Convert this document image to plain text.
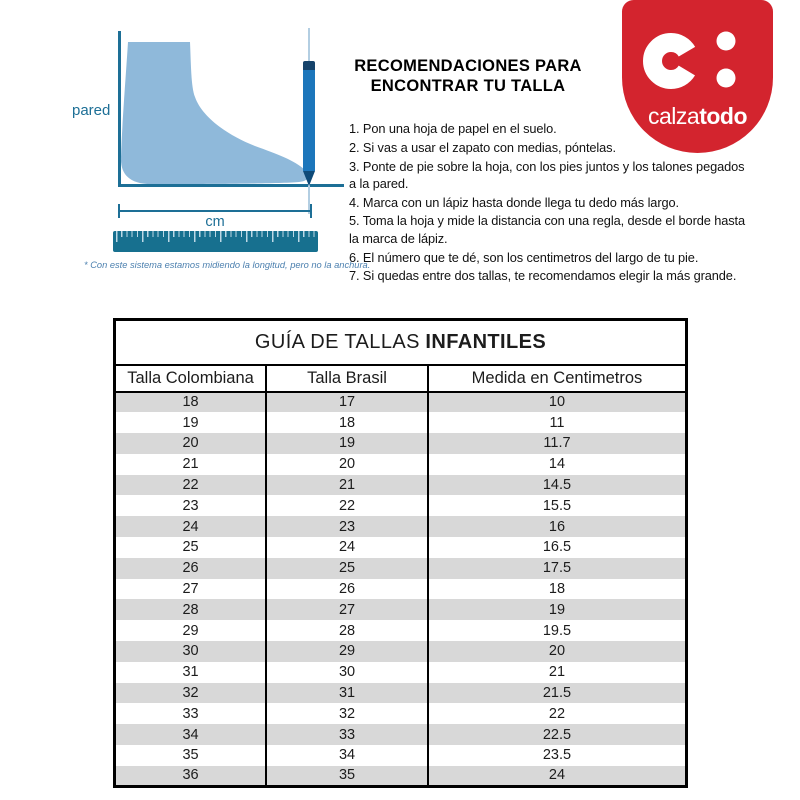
pared
cm

* Con este sistema estamos midiendo la longitud, pero no la anchura.

RECOMENDACIONES PARA
ENCONTRAR TU TALLA
1. Pon una hoja de papel en el suelo.
2. Si vas a usar el zapato con medias, póntelas.
3. Ponte de pie sobre la hoja, con los pies juntos y los talones pegados a la pared.
4. Marca con un lápiz hasta donde llega tu dedo más largo.
5. Toma la hoja y mide la distancia con una regla, desde el borde hasta la marca de lápiz.
6. El número que te dé, son los centimetros del largo de tu pie.
7. Si quedas entre dos tallas, te recomendamos elegir la más grande.
calzatodo
GUÍA DE TALLAS INFANTILES		
Talla Colombiana	Talla Brasil	Medida en Centimetros
18	17	10
19	18	11
20	19	11.7
21	20	14
22	21	14.5
23	22	15.5
24	23	16
25	24	16.5
26	25	17.5
27	26	18
28	27	19
29	28	19.5
30	29	20
31	30	21
32	31	21.5
33	32	22
34	33	22.5
35	34	23.5
36	35	24
